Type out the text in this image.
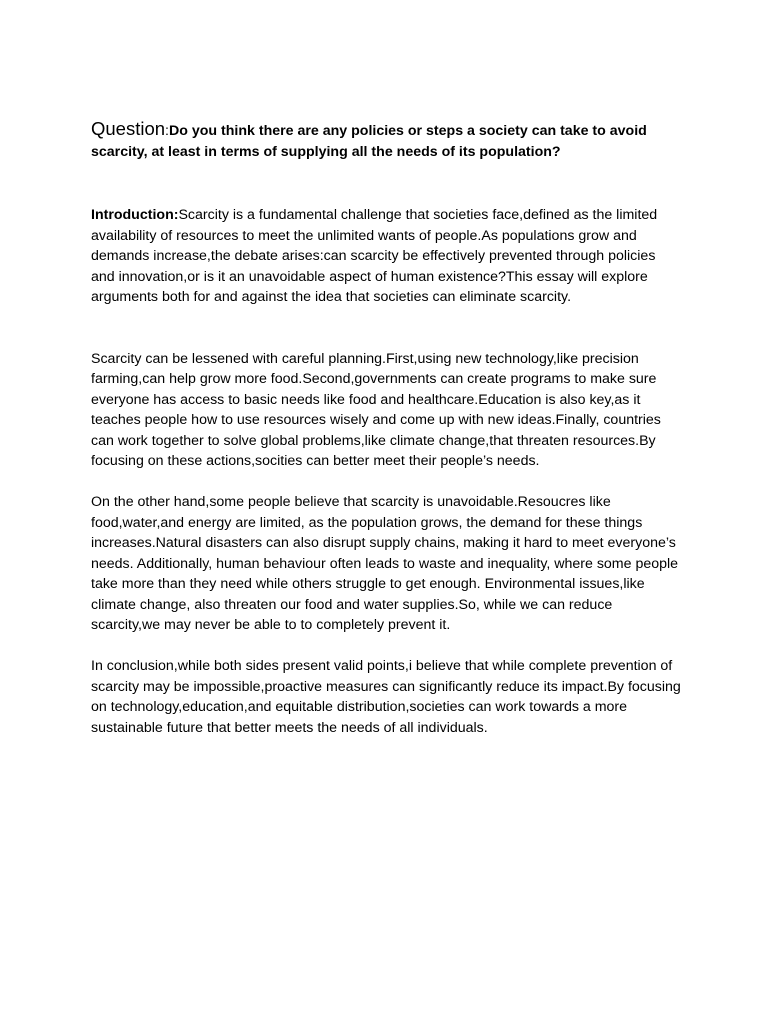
Question:Do you think there are any policies or steps a society can take to avoid scarcity, at least in terms of supplying all the needs of its population?

Introduction:Scarcity is a fundamental challenge that societies face,defined as the limited availability of resources to meet the unlimited wants of people.As populations grow and demands increase,the debate arises:can scarcity be effectively prevented through policies and innovation,or is it an unavoidable aspect of human existence?This essay will explore arguments both for and against the idea that societies can eliminate scarcity.

Scarcity can be lessened with careful planning.First,using new technology,like precision farming,can help grow more food.Second,governments can create programs to make sure everyone has access to basic needs like food and healthcare.Education is also key,as it teaches people how to use resources wisely and come up with new ideas.Finally, countries can work together to solve global problems,like climate change,that threaten resources.By focusing on these actions,socities can better meet their people’s needs.

On the other hand,some people believe that scarcity is unavoidable.Resoucres like food,water,and energy are limited, as the population grows, the demand for these things increases.Natural disasters can also disrupt supply chains, making it hard to meet everyone’s needs. Additionally, human behaviour often leads to waste and inequality, where some people take more than they need while others struggle to get enough. Environmental issues,like climate change, also threaten our food and water supplies.So, while we can reduce scarcity,we may never be able to to completely prevent it.

In conclusion,while both sides present valid points,i believe that while complete prevention of scarcity may be impossible,proactive measures can significantly reduce its impact.By focusing on technology,education,and equitable distribution,societies can work towards a more sustainable future that better meets the needs of all individuals.
